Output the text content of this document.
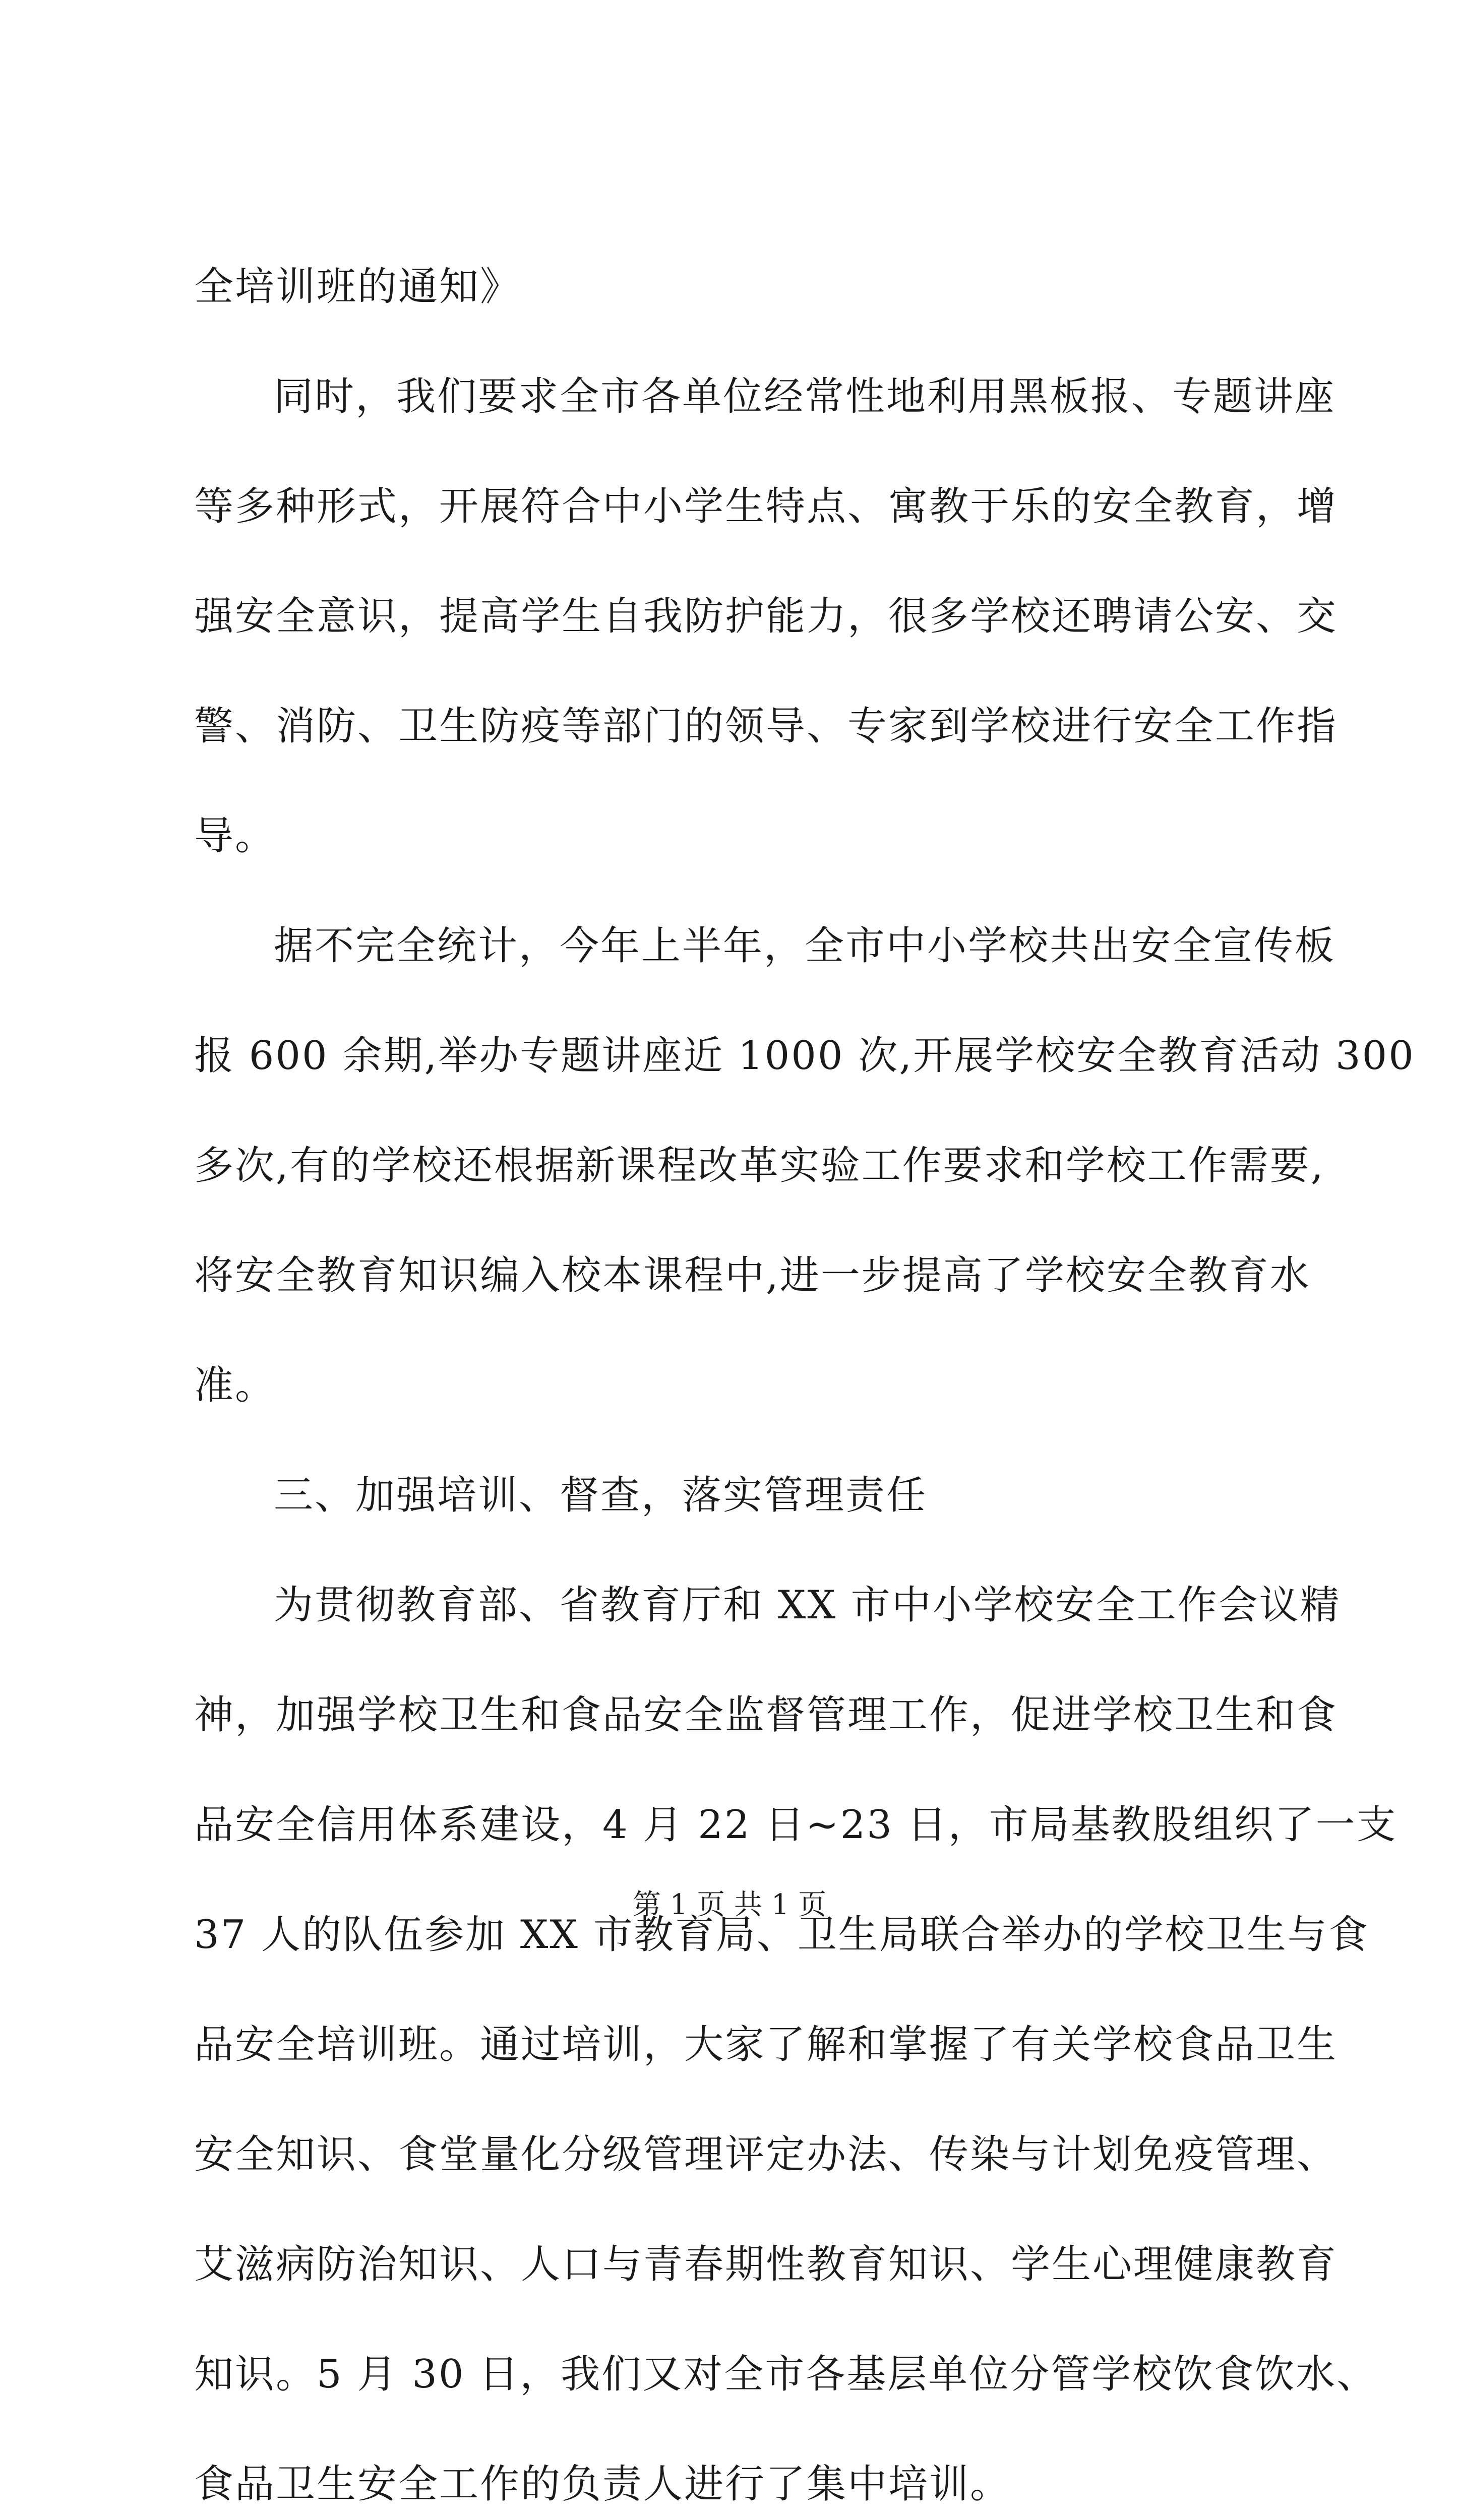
全培训班的通知》
同时，我们要求全市各单位经常性地利用黑板报、专题讲座
等多种形式，开展符合中小学生特点、寓教于乐的安全教育，增
强安全意识，提高学生自我防护能力，很多学校还聘请公安、交
警、消防、卫生防疫等部门的领导、专家到学校进行安全工作指
导。
据不完全统计，今年上半年，全市中小学校共出安全宣传板
报 600 余期,举办专题讲座近 1000 次,开展学校安全教育活动 300
多次,有的学校还根据新课程改革实验工作要求和学校工作需要,
将安全教育知识编入校本课程中,进一步提高了学校安全教育水
准。
三、加强培训、督查，落实管理责任
为贯彻教育部、省教育厅和 XX 市中小学校安全工作会议精
神，加强学校卫生和食品安全监督管理工作，促进学校卫生和食
品安全信用体系建设，4 月 22 日~23 日，市局基教股组织了一支
37 人的队伍参加 XX 市教育局、卫生局联合举办的学校卫生与食
品安全培训班。通过培训，大家了解和掌握了有关学校食品卫生
安全知识、食堂量化分级管理评定办法、传染与计划免疫管理、
艾滋病防治知识、人口与青春期性教育知识、学生心理健康教育
知识。5 月 30 日，我们又对全市各基层单位分管学校饮食饮水、
食品卫生安全工作的负责人进行了集中培训。
第 1 页 共 1 页
